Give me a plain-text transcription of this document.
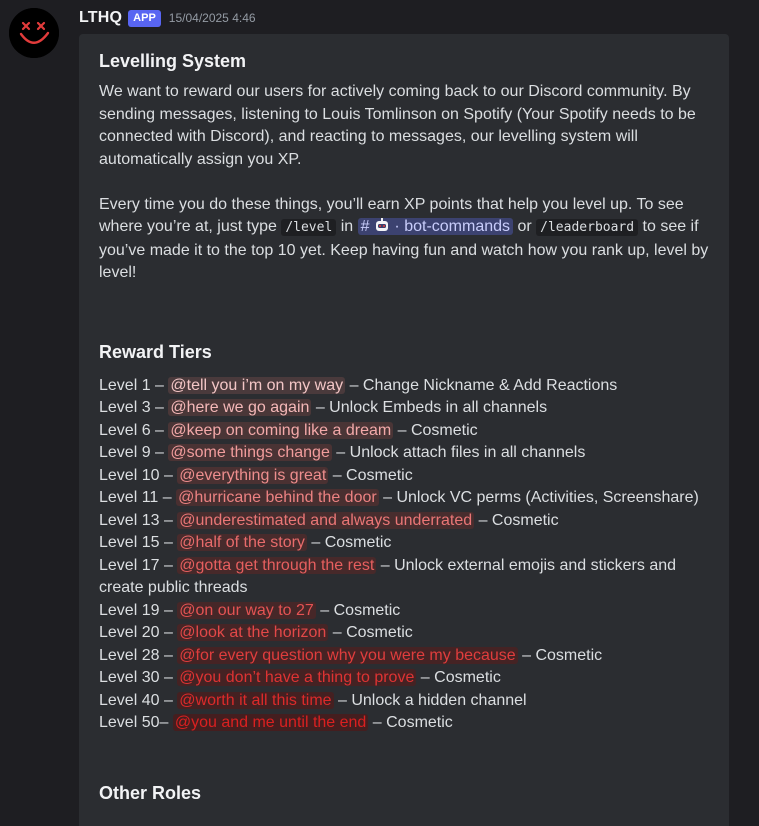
LTHQ	APP	15/04/2025 4:46
Levelling System

We want to reward our users for actively coming back to our Discord community. By sending messages, listening to Louis Tomlinson on Spotify (Your Spotify needs to be connected with Discord), and reacting to messages, our levelling system will automatically assign you XP.

Every time you do these things, you’ll earn XP points that help you level up. To see where you’re at, just type /level in #  · bot-commands or /leaderboard to see if you’ve made it to the top 10 yet. Keep having fun and watch how you rank up, level by level!

Reward Tiers
Level 1 – @tell you i’m on my way – Change Nickname & Add Reactions
Level 3 – @here we go again – Unlock Embeds in all channels
Level 6 – @keep on coming like a dream – Cosmetic
Level 9 – @some things change – Unlock attach files in all channels
Level 10 – @everything is great – Cosmetic
Level 11 – @hurricane behind the door – Unlock VC perms (Activities, Screenshare)
Level 13 – @underestimated and always underrated – Cosmetic
Level 15 – @half of the story – Cosmetic
Level 17 – @gotta get through the rest – Unlock external emojis and stickers and create public threads
Level 19 – @on our way to 27 – Cosmetic
Level 20 – @look at the horizon – Cosmetic
Level 28 – @for every question why you were my because – Cosmetic
Level 30 – @you don’t have a thing to prove – Cosmetic
Level 40 – @worth it all this time – Unlock a hidden channel
Level 50– @you and me until the end – Cosmetic
Other Roles
